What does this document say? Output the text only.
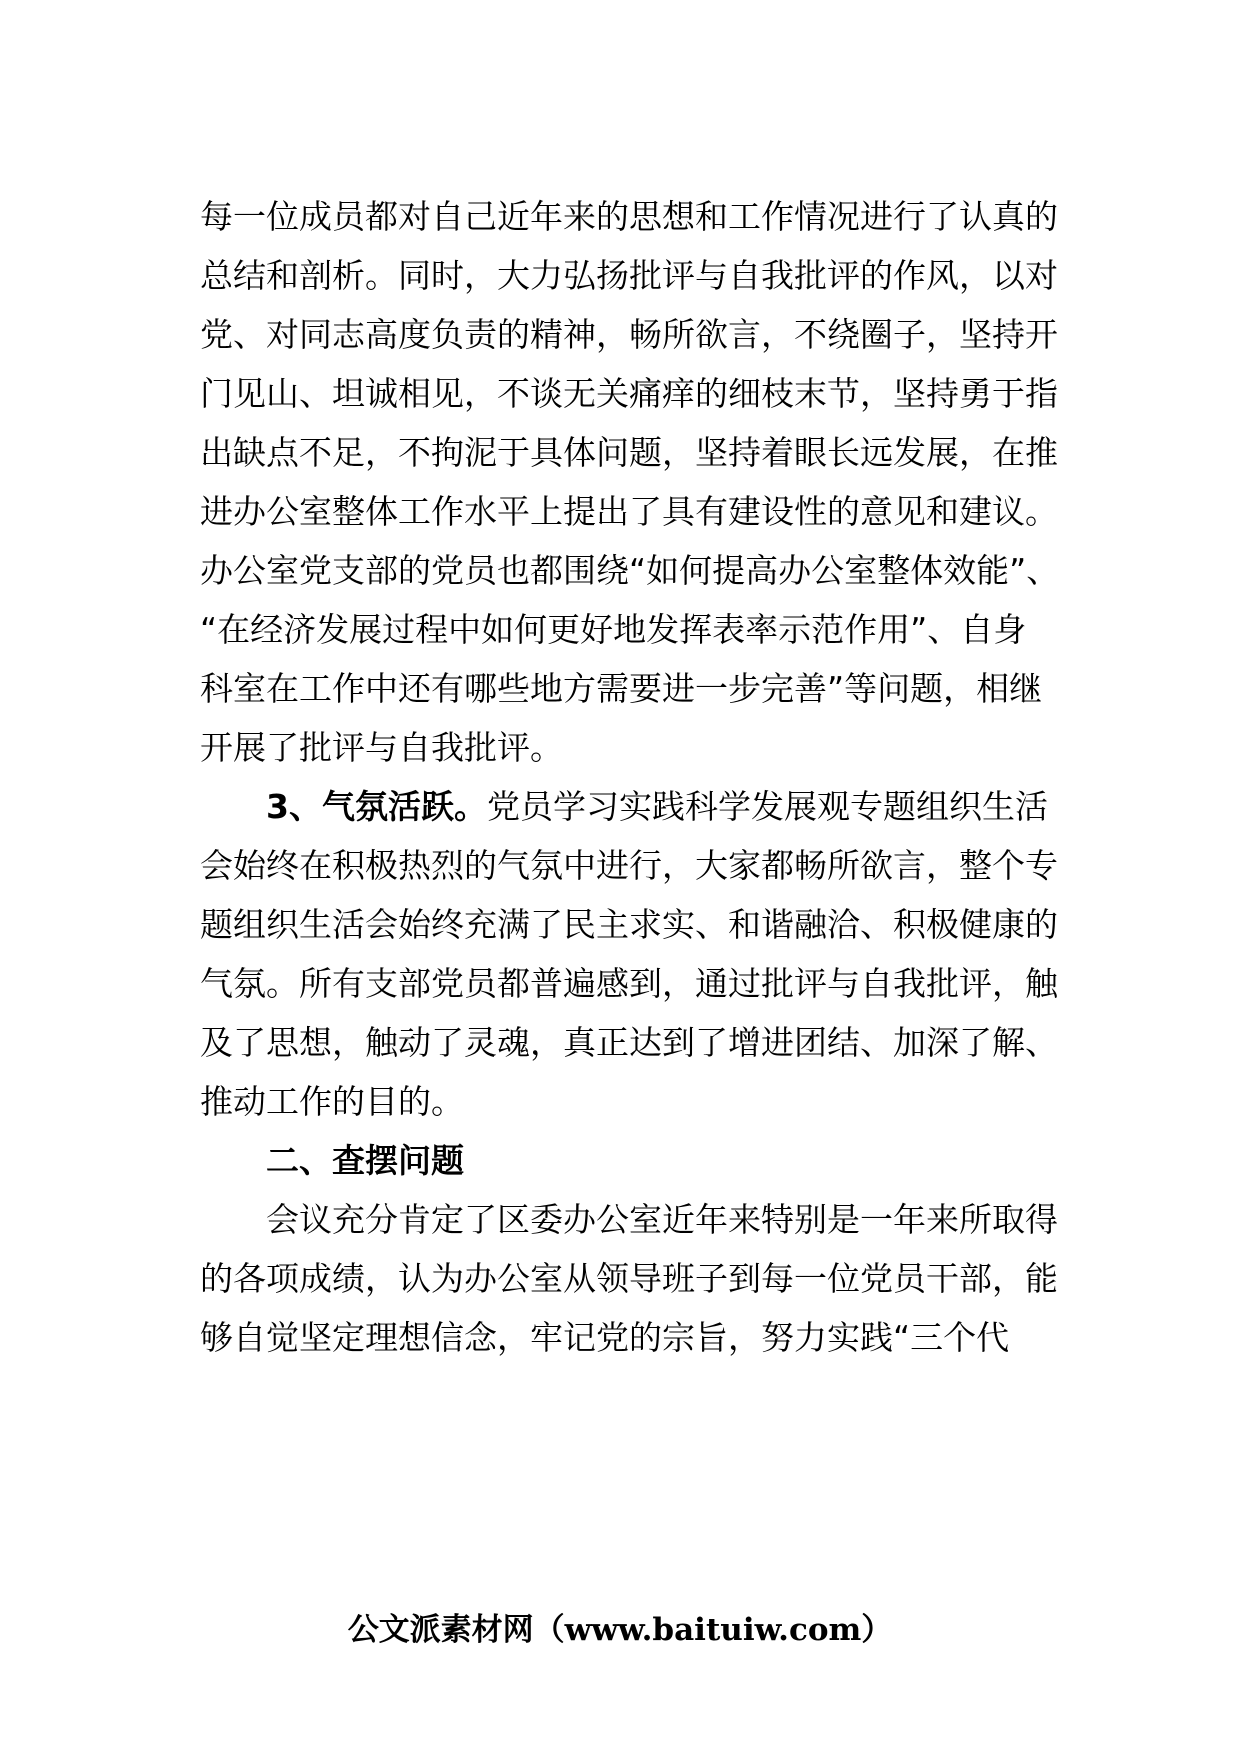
每一位成员都对自己近年来的思想和工作情况进行了认真的
总结和剖析。同时，大力弘扬批评与自我批评的作风，以对
党、对同志高度负责的精神，畅所欲言，不绕圈子，坚持开
门见山、坦诚相见，不谈无关痛痒的细枝末节，坚持勇于指
出缺点不足，不拘泥于具体问题，坚持着眼长远发展，在推
进办公室整体工作水平上提出了具有建设性的意见和建议。
办公室党支部的党员也都围绕“如何提高办公室整体效能”、
“在经济发展过程中如何更好地发挥表率示范作用”、自身
科室在工作中还有哪些地方需要进一步完善”等问题，相继
开展了批评与自我批评。
3、气氛活跃。党员学习实践科学发展观专题组织生活
会始终在积极热烈的气氛中进行，大家都畅所欲言，整个专
题组织生活会始终充满了民主求实、和谐融洽、积极健康的
气氛。所有支部党员都普遍感到，通过批评与自我批评，触
及了思想，触动了灵魂，真正达到了增进团结、加深了解、
推动工作的目的。
二、查摆问题
会议充分肯定了区委办公室近年来特别是一年来所取得
的各项成绩，认为办公室从领导班子到每一位党员干部，能
够自觉坚定理想信念，牢记党的宗旨，努力实践“三个代
公文派素材网（www.baituiw.com）
